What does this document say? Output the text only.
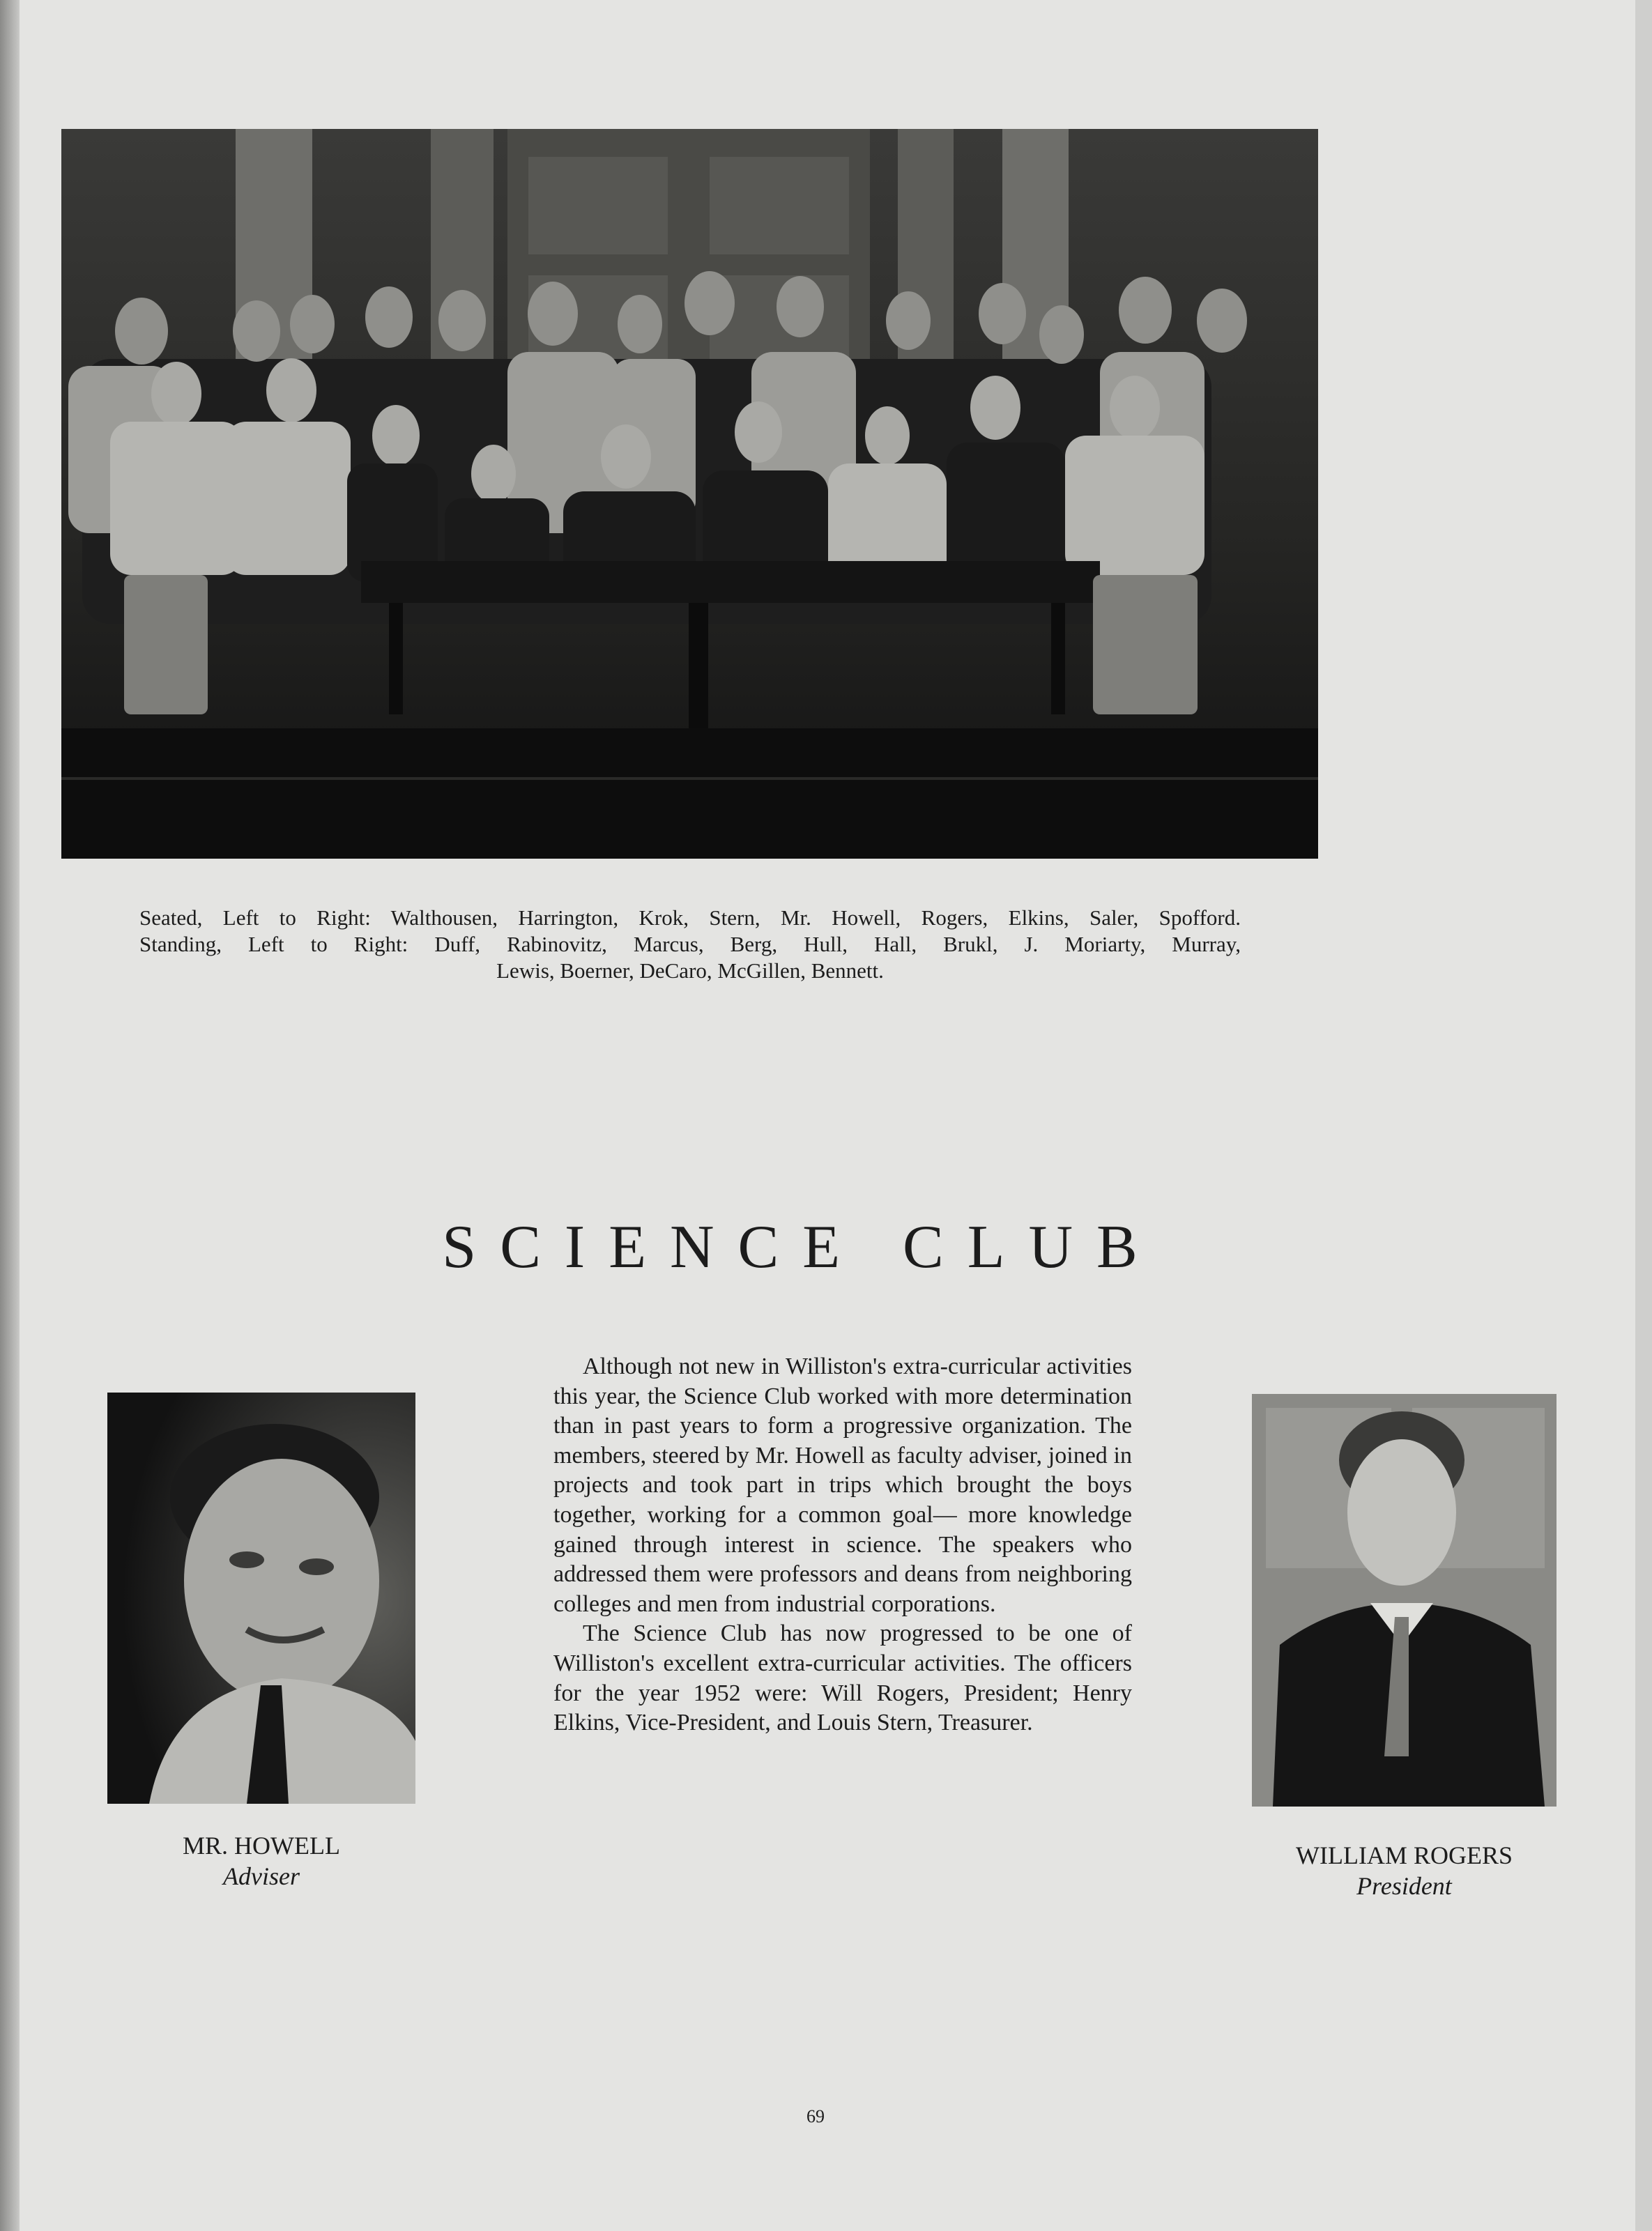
Seated, Left to Right: Walthousen, Harrington, Krok, Stern, Mr. Howell, Rogers, Elkins, Saler, Spofford.
Standing, Left to Right: Duff, Rabinovitz, Marcus, Berg, Hull, Hall, Brukl, J. Moriarty, Murray,
Lewis, Boerner, DeCaro, McGillen, Bennett.
SCIENCE CLUB

Although not new in Williston's extra-curricular activities this year, the Science Club worked with more determination than in past years to form a progressive organization. The members, steered by Mr. Howell as faculty adviser, joined in projects and took part in trips which brought the boys together, working for a common goal— more knowledge gained through interest in science. The speakers who addressed them were professors and deans from neighboring colleges and men from industrial corporations.

The Science Club has now progressed to be one of Williston's excellent extra-curricular activities. The officers for the year 1952 were: Will Rogers, President; Henry Elkins, Vice-President, and Louis Stern, Treasurer.

MR. HOWELL
Adviser
WILLIAM ROGERS
President
69
